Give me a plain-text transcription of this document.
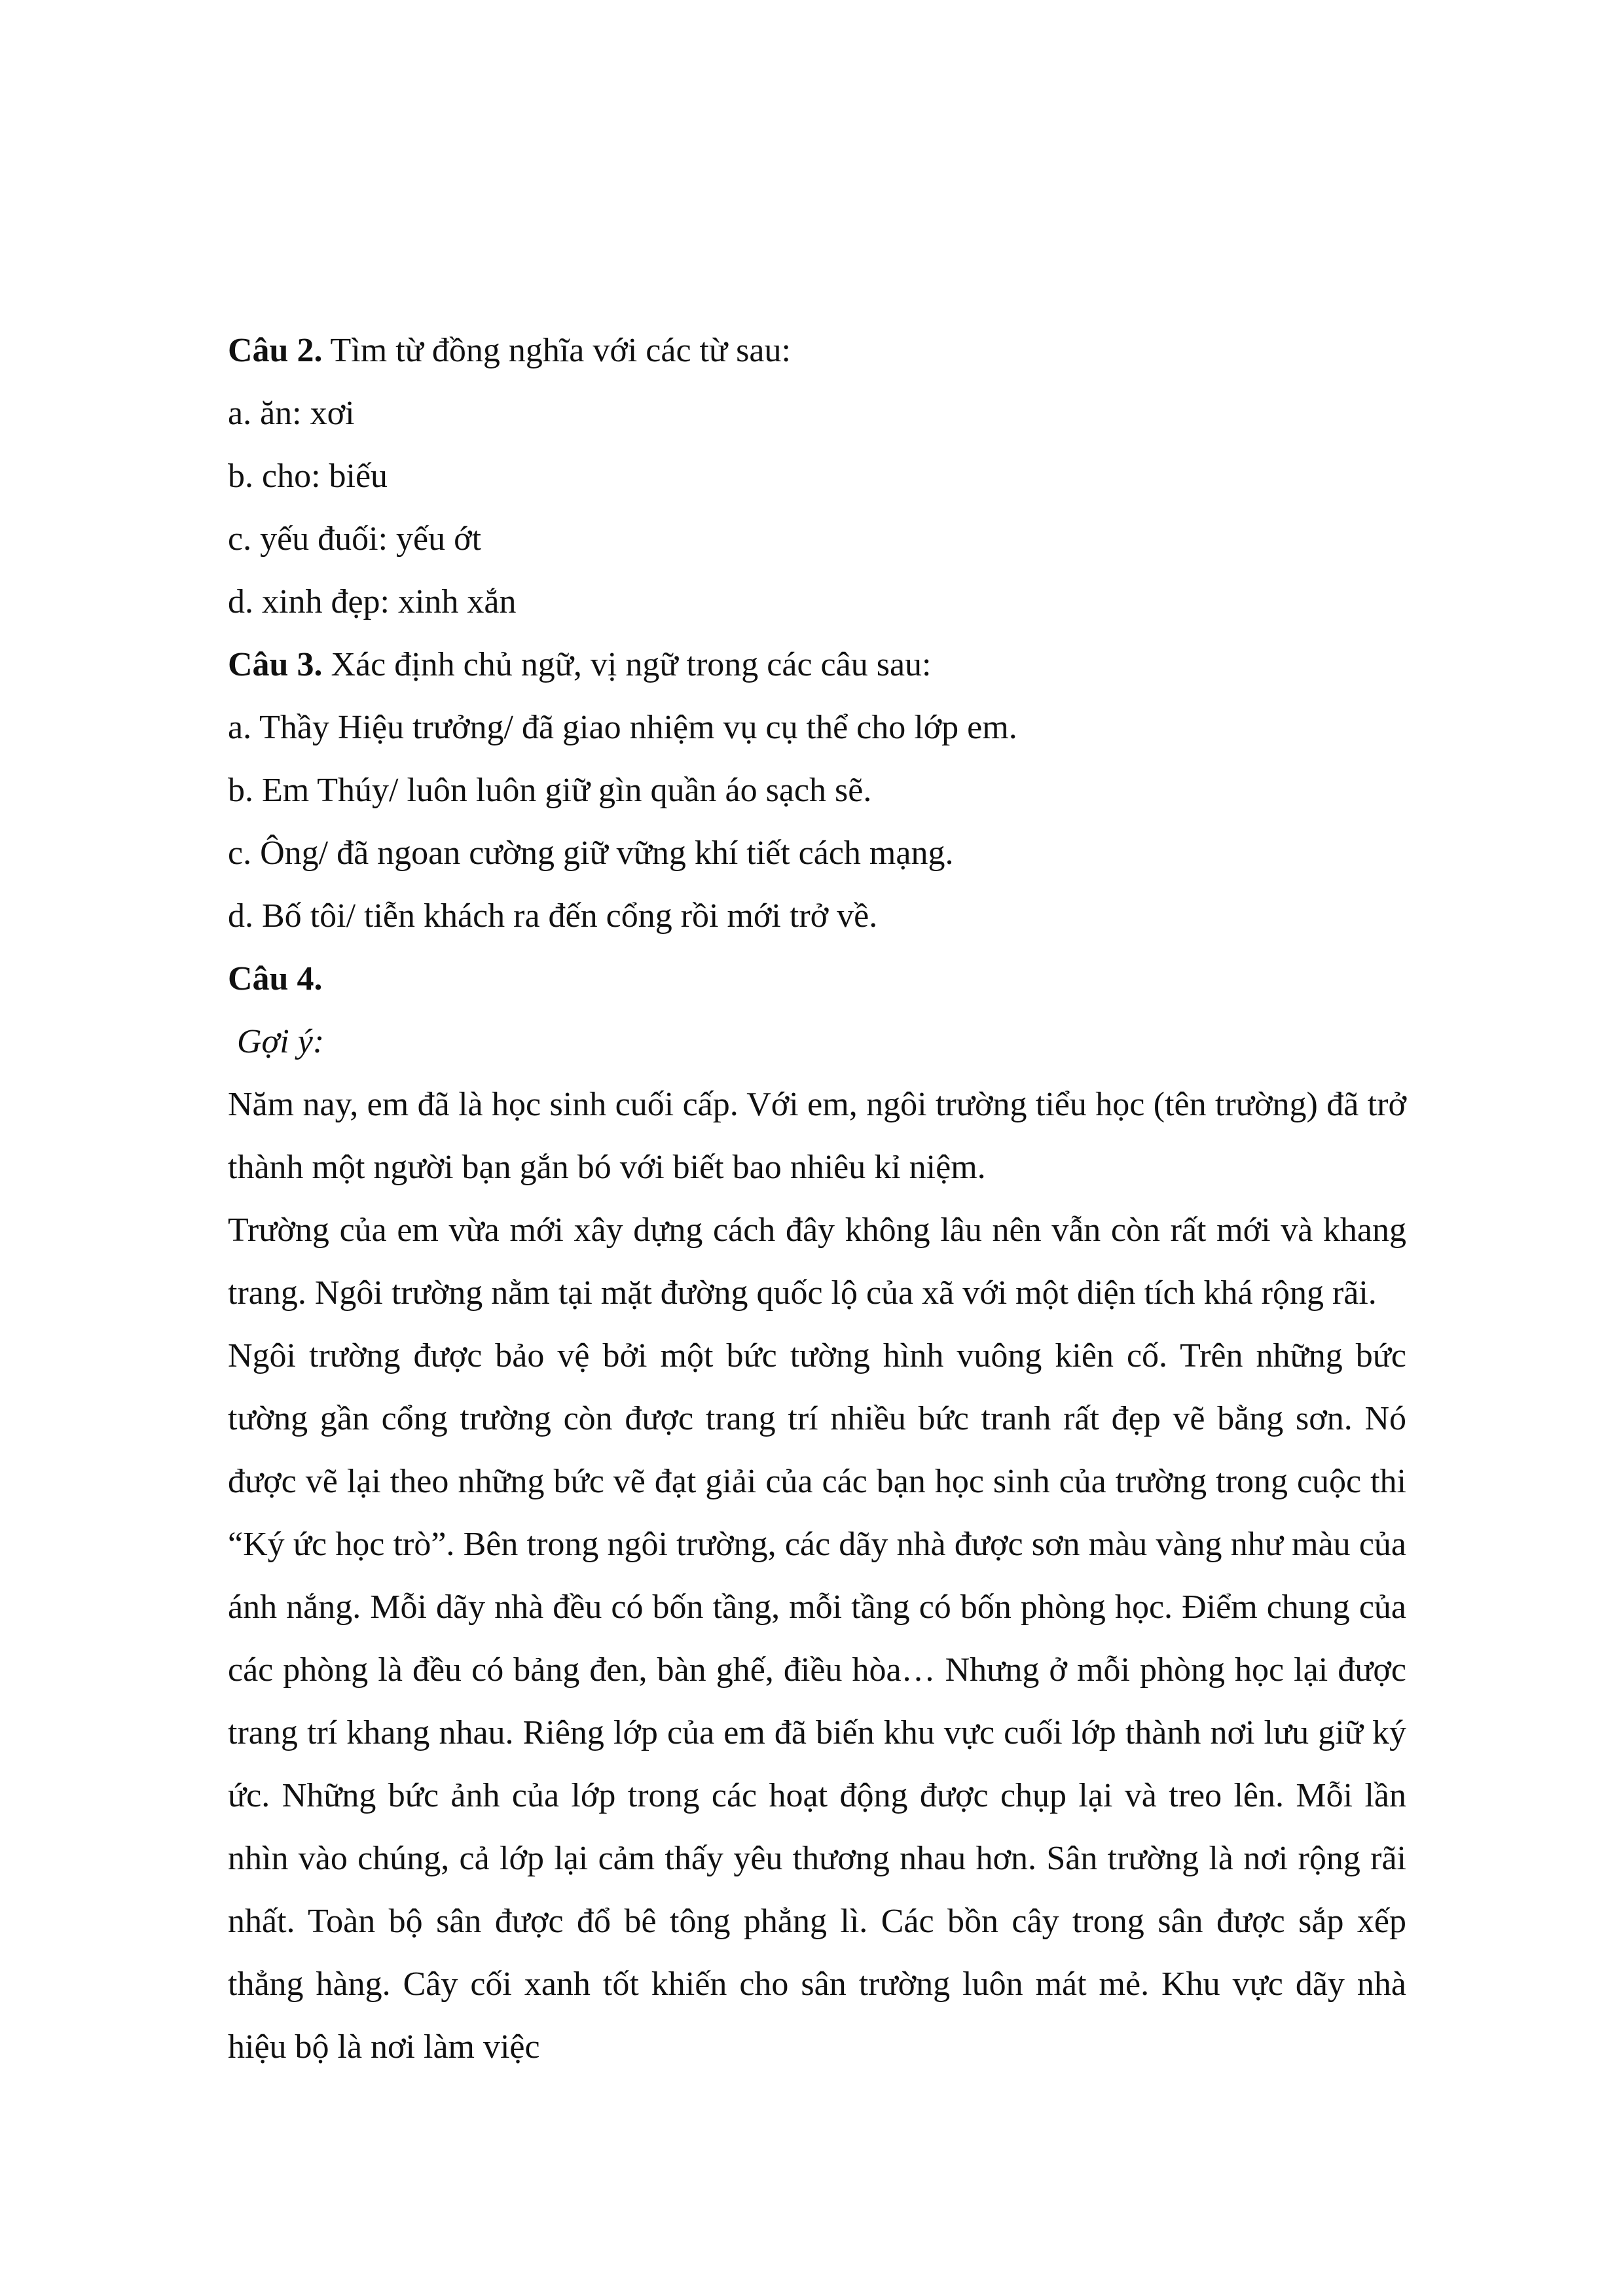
Câu 2. Tìm từ đồng nghĩa với các từ sau:

a. ăn: xơi

b. cho: biếu

c. yếu đuối: yếu ớt

d. xinh đẹp: xinh xắn

Câu 3. Xác định chủ ngữ, vị ngữ trong các câu sau:

a. Thầy Hiệu trưởng/ đã giao nhiệm vụ cụ thể cho lớp em.

b. Em Thúy/ luôn luôn giữ gìn quần áo sạch sẽ.

c. Ông/ đã ngoan cường giữ vững khí tiết cách mạng.

d. Bố tôi/ tiễn khách ra đến cổng rồi mới trở về.

Câu 4.

Gợi ý:

Năm nay, em đã là học sinh cuối cấp. Với em, ngôi trường tiểu học (tên trường) đã trở thành một người bạn gắn bó với biết bao nhiêu kỉ niệm.

Trường của em vừa mới xây dựng cách đây không lâu nên vẫn còn rất mới và khang trang. Ngôi trường nằm tại mặt đường quốc lộ của xã với một diện tích khá rộng rãi.

Ngôi trường được bảo vệ bởi một bức tường hình vuông kiên cố. Trên những bức tường gần cổng trường còn được trang trí nhiều bức tranh rất đẹp vẽ bằng sơn. Nó được vẽ lại theo những bức vẽ đạt giải của các bạn học sinh của trường trong cuộc thi “Ký ức học trò”. Bên trong ngôi trường, các dãy nhà được sơn màu vàng như màu của ánh nắng. Mỗi dãy nhà đều có bốn tầng, mỗi tầng có bốn phòng học. Điểm chung của các phòng là đều có bảng đen, bàn ghế, điều hòa… Nhưng ở mỗi phòng học lại được trang trí khang nhau. Riêng lớp của em đã biến khu vực cuối lớp thành nơi lưu giữ ký ức. Những bức ảnh của lớp trong các hoạt động được chụp lại và treo lên. Mỗi lần nhìn vào chúng, cả lớp lại cảm thấy yêu thương nhau hơn. Sân trường là nơi rộng rãi nhất. Toàn bộ sân được đổ bê tông phẳng lì. Các bồn cây trong sân được sắp xếp thẳng hàng. Cây cối xanh tốt khiến cho sân trường luôn mát mẻ. Khu vực dãy nhà hiệu bộ là nơi làm việc
